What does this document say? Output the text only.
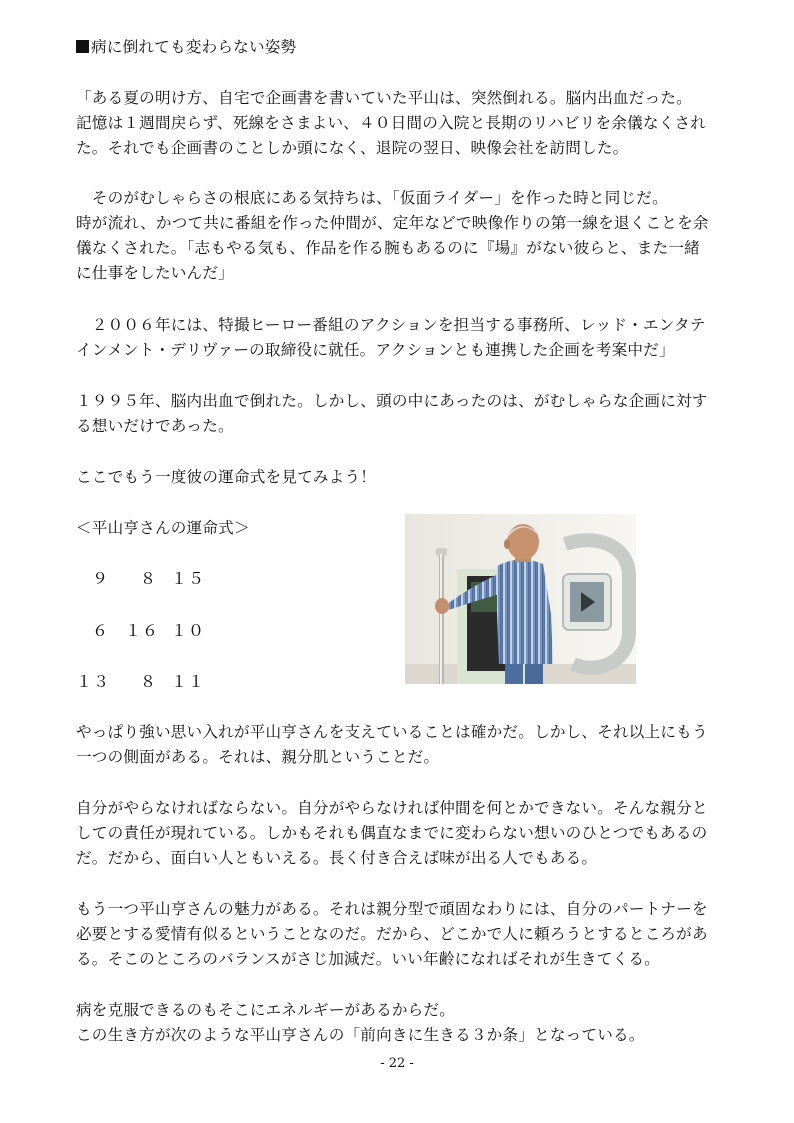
病に倒れても変わらない姿勢
「ある夏の明け方、自宅で企画書を書いていた平山は、突然倒れる。脳内出血だった。
記憶は１週間戻らず、死線をさまよい、４０日間の入院と長期のリハビリを余儀なくされ
た。それでも企画書のことしか頭になく、退院の翌日、映像会社を訪問した。
　そのがむしゃらさの根底にある気持ちは、「仮面ライダー」を作った時と同じだ。
時が流れ、かつて共に番組を作った仲間が、定年などで映像作りの第一線を退くことを余
儀なくされた。「志もやる気も、作品を作る腕もあるのに『場』がない彼らと、また一緒
に仕事をしたいんだ」
　２００６年には、特撮ヒーロー番組のアクションを担当する事務所、レッド・エンタテ
インメント・デリヴァーの取締役に就任。アクションとも連携した企画を考案中だ」
１９９５年、脳内出血で倒れた。しかし、頭の中にあったのは、がむしゃらな企画に対す
る想いだけであった。
ここでもう一度彼の運命式を見てみよう！
＜平山亨さんの運命式＞
９ ８ １５
６ １６ １０
１３ ８ １１
やっぱり強い思い入れが平山亨さんを支えていることは確かだ。しかし、それ以上にもう
一つの側面がある。それは、親分肌ということだ。
自分がやらなければならない。自分がやらなければ仲間を何とかできない。そんな親分と
しての責任が現れている。しかもそれも偶直なまでに変わらない想いのひとつでもあるの
だ。だから、面白い人ともいえる。長く付き合えば味が出る人でもある。
もう一つ平山亨さんの魅力がある。それは親分型で頑固なわりには、自分のパートナーを
必要とする愛情有似るということなのだ。だから、どこかで人に頼ろうとするところがあ
る。そこのところのバランスがさじ加減だ。いい年齢になればそれが生きてくる。
病を克服できるのもそこにエネルギーがあるからだ。
この生き方が次のような平山亨さんの「前向きに生きる３か条」となっている。
- 22 -
